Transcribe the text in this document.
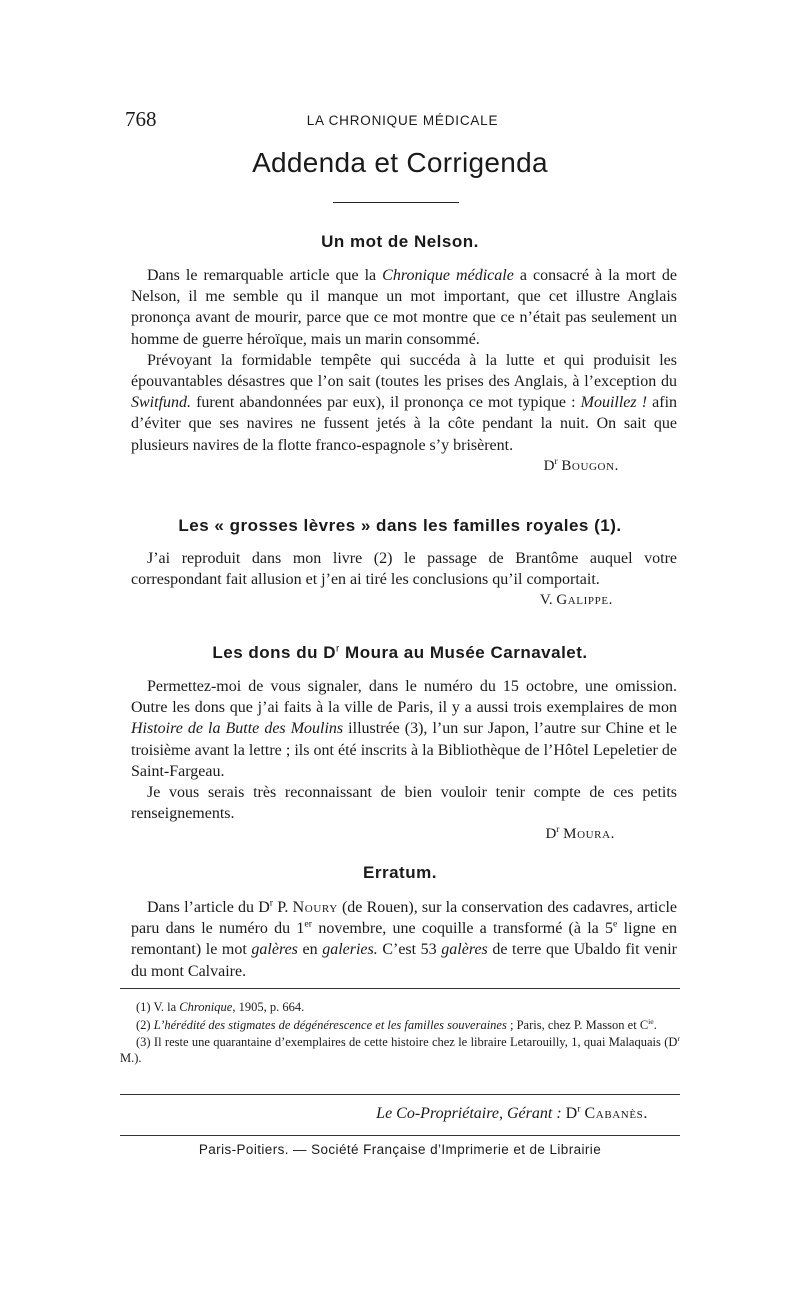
768	LA CHRONIQUE MÉDICALE
Addenda et Corrigenda
Un mot de Nelson.

Dans le remarquable article que la Chronique médicale a consacré à la mort de Nelson, il me semble qu il manque un mot important, que cet illustre Anglais prononça avant de mourir, parce que ce mot montre que ce n’était pas seulement un homme de guerre héroïque, mais un marin consommé.

Prévoyant la formidable tempête qui succéda à la lutte et qui produisit les épouvantables désastres que l’on sait (toutes les prises des Anglais, à l’exception du Switfund. furent abandonnées par eux), il prononça ce mot typique : Mouillez ! afin d’éviter que ses navires ne fussent jetés à la côte pendant la nuit. On sait que plusieurs navires de la flotte franco-espagnole s’y brisèrent.

$D^r$ Bougon.

Les « grosses lèvres » dans les familles royales (1).

J’ai reproduit dans mon livre (2) le passage de Brantôme auquel votre correspondant fait allusion et j’en ai tiré les conclusions qu’il comportait.

V. Galippe.

Les dons du $D^r$ Moura au Musée Carnavalet.

Permettez-moi de vous signaler, dans le numéro du 15 octobre, une omission. Outre les dons que j’ai faits à la ville de Paris, il y a aussi trois exemplaires de mon Histoire de la Butte des Moulins illustrée (3), l’un sur Japon, l’autre sur Chine et le troisième avant la lettre ; ils ont été inscrits à la Bibliothèque de l’Hôtel Lepeletier de Saint-Fargeau.

Je vous serais très reconnaissant de bien vouloir tenir compte de ces petits renseignements.

$D^r$ Moura.

Erratum.

Dans l’article du $D^r$ P. Noury (de Rouen), sur la conservation des cadavres, article paru dans le numéro du 1er novembre, une coquille a transformé (à la 5e ligne en remontant) le mot galères en galeries. C’est 53 galères de terre que Ubaldo fit venir du mont Calvaire.

(1) V. la Chronique, 1905, p. 664.

(2) L’hérédité des stigmates de dégénérescence et les familles souveraines ; Paris, chez P. Masson et $C^{ie}$.

(3) Il reste une quarantaine d’exemplaires de cette histoire chez le libraire Letarouilly, 1, quai Malaquais ($D^r$ M.).

Le Co-Propriétaire, Gérant : $D^r$ Cabanès.
Paris-Poitiers. — Société Française d’Imprimerie et de Librairie
